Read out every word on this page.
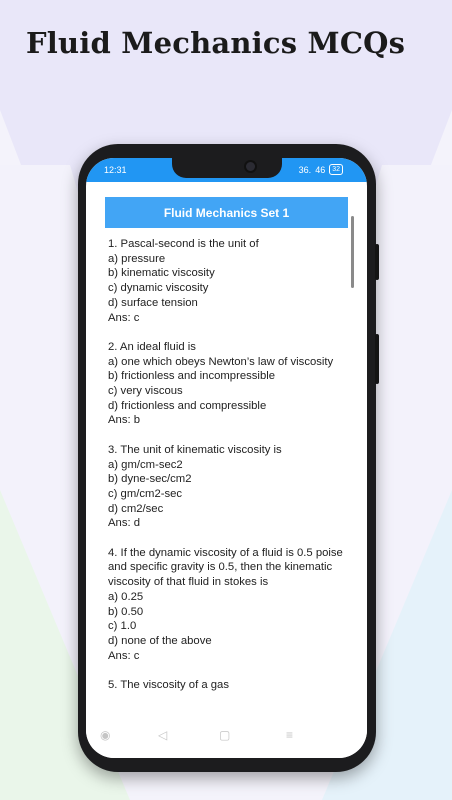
Fluid Mechanics MCQs
12:31	36. 46	32
Fluid Mechanics Set 1
1. Pascal-second is the unit of
a) pressure
b) kinematic viscosity
c) dynamic viscosity
d) surface tension
Ans: c
2. An ideal fluid is
a) one which obeys Newton’s law of viscosity
b) frictionless and incompressible
c) very viscous
d) frictionless and compressible
Ans: b
3. The unit of kinematic viscosity is
a) gm/cm-sec2
b) dyne-sec/cm2
c) gm/cm2-sec
d) cm2/sec
Ans: d
4. If the dynamic viscosity of a fluid is 0.5 poise and specific gravity is 0.5, then the kinematic viscosity of that fluid in stokes is
a) 0.25
b) 0.50
c) 1.0
d) none of the above
Ans: c
5. The viscosity of a gas
◉	◁	▢	≡
